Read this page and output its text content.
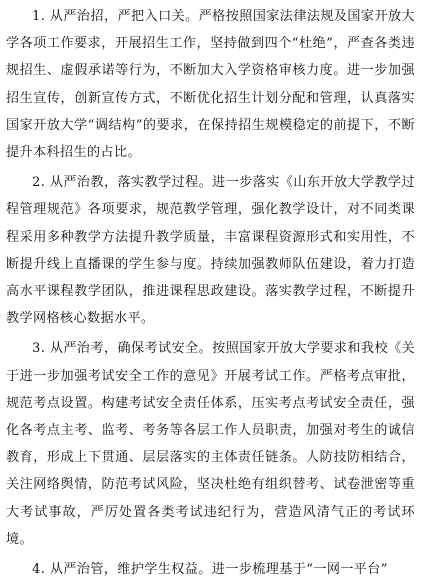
1. 从严治招，严把入口关。严格按照国家法律法规及国家开放大学各项工作要求，开展招生工作，坚持做到四个“杜绝”，严查各类违规招生、虚假承诺等行为，不断加大入学资格审核力度。进一步加强招生宣传，创新宣传方式，不断优化招生计划分配和管理，认真落实国家开放大学“调结构”的要求，在保持招生规模稳定的前提下，不断提升本科招生的占比。

2. 从严治教，落实教学过程。进一步落实《山东开放大学教学过程管理规范》各项要求，规范教学管理，强化教学设计，对不同类课程采用多种教学方法提升教学质量，丰富课程资源形式和实用性，不断提升线上直播课的学生参与度。持续加强教师队伍建设，着力打造高水平课程教学团队，推进课程思政建设。落实教学过程，不断提升教学网格核心数据水平。

3. 从严治考，确保考试安全。按照国家开放大学要求和我校《关于进一步加强考试安全工作的意见》开展考试工作。严格考点审批，规范考点设置。构建考试安全责任体系，压实考点考试安全责任，强化各考点主考、监考、考务等各层工作人员职责，加强对考生的诚信教育，形成上下贯通、层层落实的主体责任链条。人防技防相结合，关注网络舆情，防范考试风险，坚决杜绝有组织替考、试卷泄密等重大考试事故，严厉处置各类考试违纪行为，营造风清气正的考试环境。

4. 从严治管，维护学生权益。进一步梳理基于“一网一平台”
